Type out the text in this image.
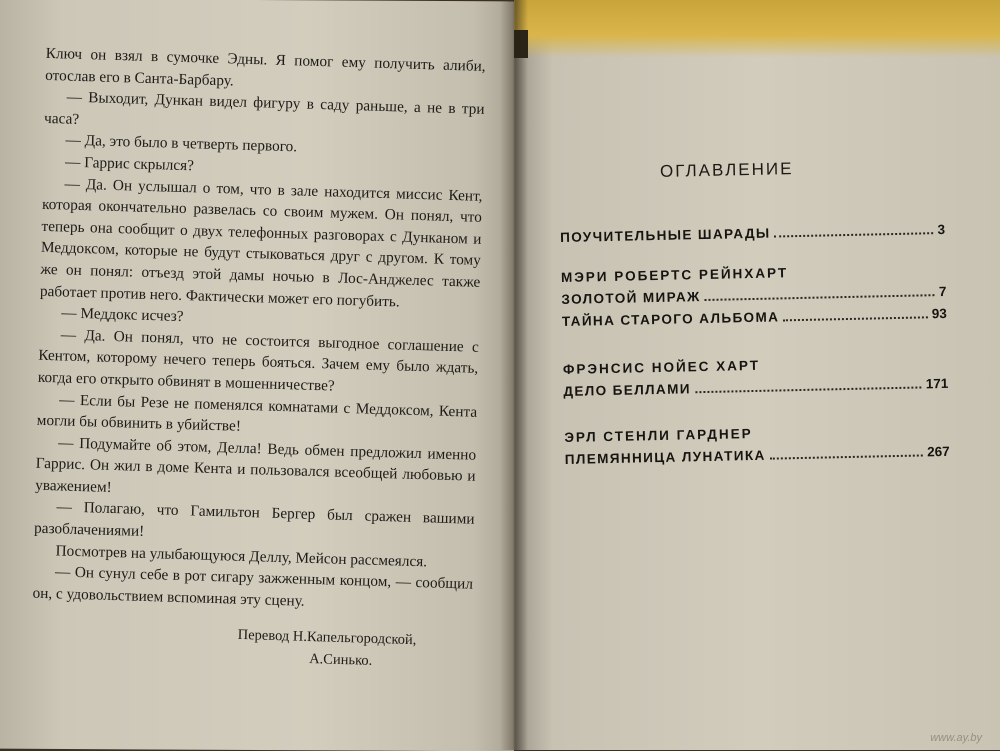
Ключ он взял в сумочке Эдны. Я помог ему получить алиби, отослав его в Санта-Барбару.

— Выходит, Дункан видел фигуру в саду раньше, а не в три часа?

— Да, это было в четверть первого.

— Гаррис скрылся?

— Да. Он услышал о том, что в зале находится миссис Кент, которая окончательно развелась со своим мужем. Он понял, что теперь она сообщит о двух телефонных разговорах с Дунканом и Меддоксом, которые не будут стыковаться друг с другом. К тому же он понял: отъезд этой дамы ночью в Лос-Анджелес также работает против него. Фактически может его погубить.

— Меддокс исчез?

— Да. Он понял, что не состоится выгодное соглашение с Кентом, которому нечего теперь бояться. Зачем ему было ждать, когда его открыто обвинят в мошенничестве?

— Если бы Резе не поменялся комнатами с Меддоксом, Кента могли бы обвинить в убийстве!

— Подумайте об этом, Делла! Ведь обмен предложил именно Гаррис. Он жил в доме Кента и пользовался всеобщей любовью и уважением!

— Полагаю, что Гамильтон Бергер был сражен вашими разоблачениями!

Посмотрев на улыбающуюся Деллу, Мейсон рассмеялся.

— Он сунул себе в рот сигару зажженным концом, — сообщил он, с удовольствием вспоминая эту сцену.

Перевод Н.Капельгородской,
А.Синько.
ОГЛАВЛЕНИЕ
ПОУЧИТЕЛЬНЫЕ ШАРАДЫ	3
МЭРИ РОБЕРТС РЕЙНХАРТ
ЗОЛОТОЙ МИРАЖ	7
ТАЙНА СТАРОГО АЛЬБОМА	93
ФРЭНСИС НОЙЕС ХАРТ
ДЕЛО БЕЛЛАМИ	171
ЭРЛ СТЕНЛИ ГАРДНЕР
ПЛЕМЯННИЦА ЛУНАТИКА	267
www.ay.by
